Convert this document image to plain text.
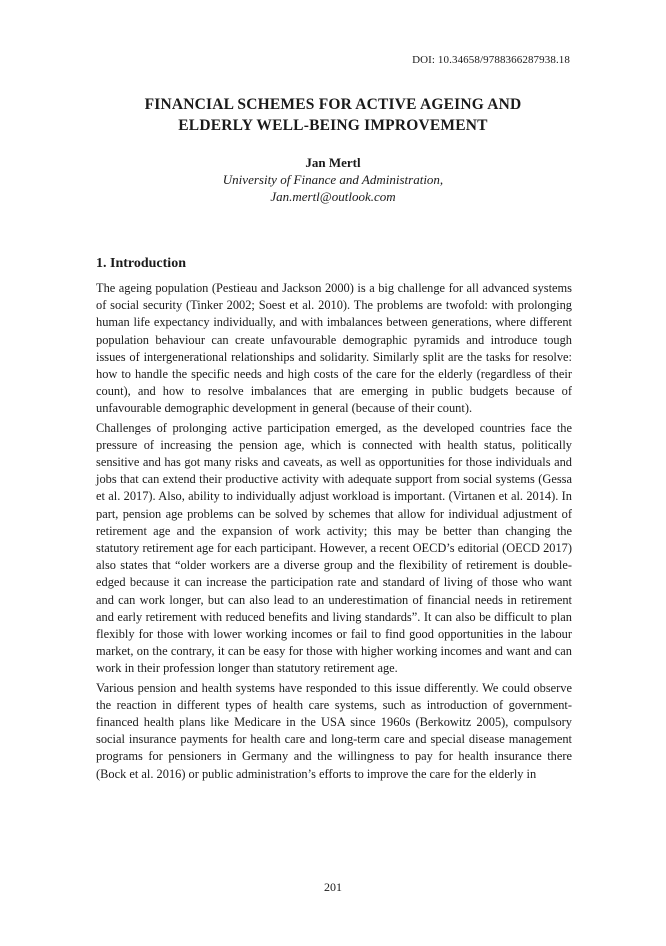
DOI: 10.34658/9788366287938.18
FINANCIAL SCHEMES FOR ACTIVE AGEING AND
ELDERLY WELL-BEING IMPROVEMENT
Jan Mertl
University of Finance and Administration,
Jan.mertl@outlook.com
1. Introduction

The ageing population (Pestieau and Jackson 2000) is a big challenge for all advanced systems of social security (Tinker 2002; Soest et al. 2010). The problems are twofold: with prolonging human life expectancy individually, and with imbalances between generations, where different population behaviour can create unfavourable demographic pyramids and introduce tough issues of intergenerational relationships and solidarity. Similarly split are the tasks for resolve: how to handle the specific needs and high costs of the care for the elderly (regardless of their count), and how to resolve imbalances that are emerging in public budgets because of unfavourable demographic development in general (because of their count).

Challenges of prolonging active participation emerged, as the developed countries face the pressure of increasing the pension age, which is connected with health status, politically sensitive and has got many risks and caveats, as well as opportunities for those individuals and jobs that can extend their productive activity with adequate support from social systems (Gessa et al. 2017). Also, ability to individually adjust workload is important. (Virtanen et al. 2014). In part, pension age problems can be solved by schemes that allow for individual adjustment of retirement age and the expansion of work activity; this may be better than changing the statutory retirement age for each participant. However, a recent OECD’s editorial (OECD 2017) also states that “older workers are a diverse group and the flexibility of retirement is double-edged because it can increase the participation rate and standard of living of those who want and can work longer, but can also lead to an underestimation of financial needs in retirement and early retirement with reduced benefits and living standards”. It can also be difficult to plan flexibly for those with lower working incomes or fail to find good opportunities in the labour market, on the contrary, it can be easy for those with higher working incomes and want and can work in their profession longer than statutory retirement age.

Various pension and health systems have responded to this issue differently. We could observe the reaction in different types of health care systems, such as introduction of government-financed health plans like Medicare in the USA since 1960s (Berkowitz 2005), compulsory social insurance payments for health care and long-term care and special disease management programs for pensioners in Germany and the willingness to pay for health insurance there (Bock et al. 2016) or public administration’s efforts to improve the care for the elderly in

201
